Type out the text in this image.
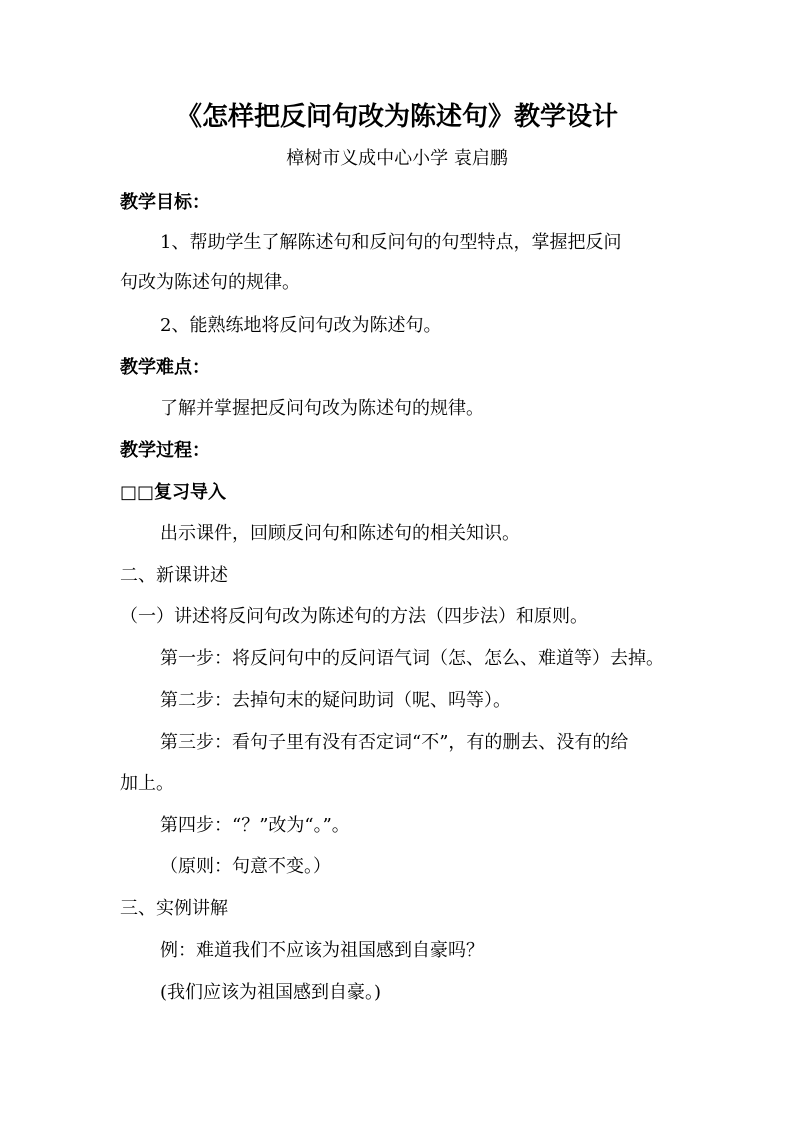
《怎样把反问句改为陈述句》教学设计
樟树市义成中心小学 袁启鹏
教学目标：
1、帮助学生了解陈述句和反问句的句型特点，掌握把反问
句改为陈述句的规律。
2、能熟练地将反问句改为陈述句。
教学难点：
了解并掌握把反问句改为陈述句的规律。
教学过程：
□□复习导入
出示课件，回顾反问句和陈述句的相关知识。
二、新课讲述
（一）讲述将反问句改为陈述句的方法（四步法）和原则。
第一步：将反问句中的反问语气词（怎、怎么、难道等）去掉。
第二步：去掉句末的疑问助词（呢、吗等）。
第三步：看句子里有没有否定词“不”，有的删去、没有的给
加上。
第四步：“？”改为“。”。
（原则：句意不变。）
三、实例讲解
例：难道我们不应该为祖国感到自豪吗？
(我们应该为祖国感到自豪。)
